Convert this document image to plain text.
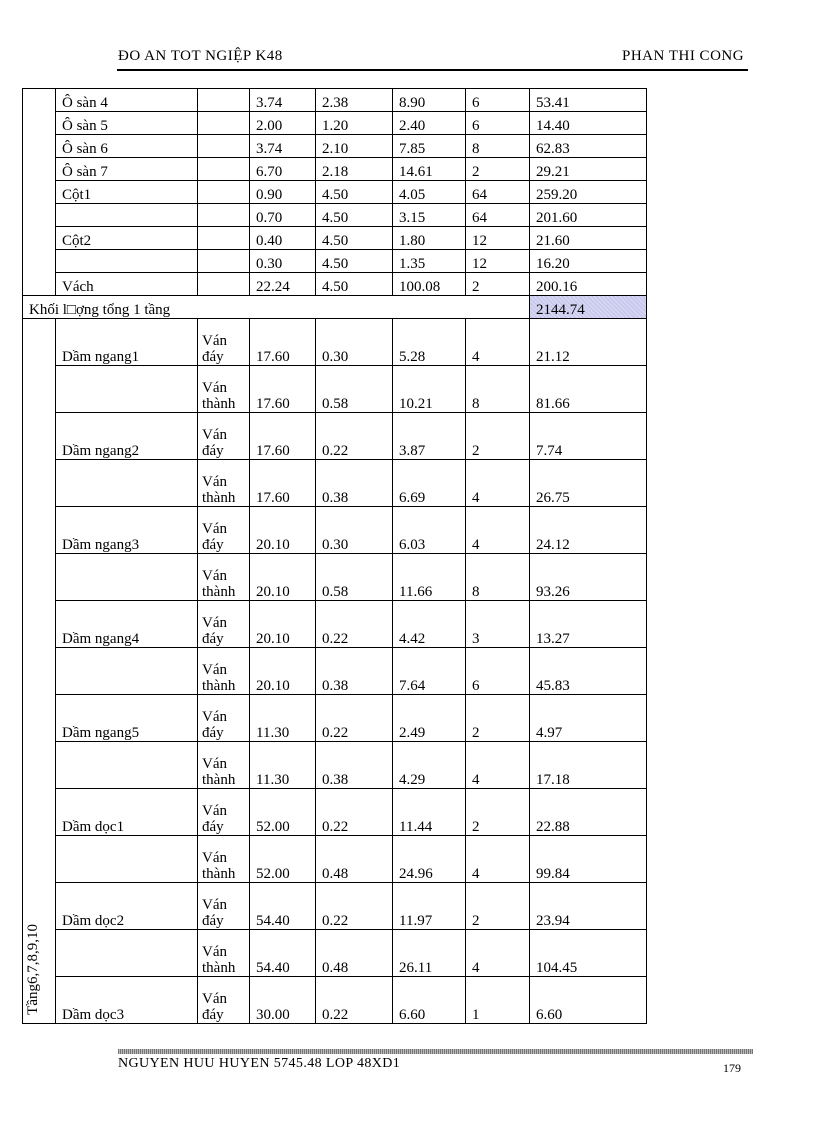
ĐO AN TOT NGIỆP K48	PHAN THI CONG
	Ô sàn 4		3.74	2.38	8.90	6	53.41
	Ô sàn 5		2.00	1.20	2.40	6	14.40
	Ô sàn 6		3.74	2.10	7.85	8	62.83
	Ô sàn 7		6.70	2.18	14.61	2	29.21
	Cột1		0.90	4.50	4.05	64	259.20
			0.70	4.50	3.15	64	201.60
	Cột2		0.40	4.50	1.80	12	21.60
			0.30	4.50	1.35	12	16.20
	Vách		22.24	4.50	100.08	2	200.16
Khối l□ợng tổng 1 tầng							2144.74

Tầng6,7,8,9,10	Dầm ngang1	Ván đáy	17.60	0.30	5.28	4	21.12
		Ván thành	17.60	0.58	10.21	8	81.66
	Dầm ngang2	Ván đáy	17.60	0.22	3.87	2	7.74
		Ván thành	17.60	0.38	6.69	4	26.75
	Dầm ngang3	Ván đáy	20.10	0.30	6.03	4	24.12
		Ván thành	20.10	0.58	11.66	8	93.26
	Dầm ngang4	Ván đáy	20.10	0.22	4.42	3	13.27
		Ván thành	20.10	0.38	7.64	6	45.83
	Dầm ngang5	Ván đáy	11.30	0.22	2.49	2	4.97
		Ván thành	11.30	0.38	4.29	4	17.18
	Dầm dọc1	Ván đáy	52.00	0.22	11.44	2	22.88
		Ván thành	52.00	0.48	24.96	4	99.84
	Dầm dọc2	Ván đáy	54.40	0.22	11.97	2	23.94
		Ván thành	54.40	0.48	26.11	4	104.45
	Dầm dọc3	Ván đáy	30.00	0.22	6.60	1	6.60
NGUYEN HUU HUYEN 5745.48 LOP 48XD1	179
